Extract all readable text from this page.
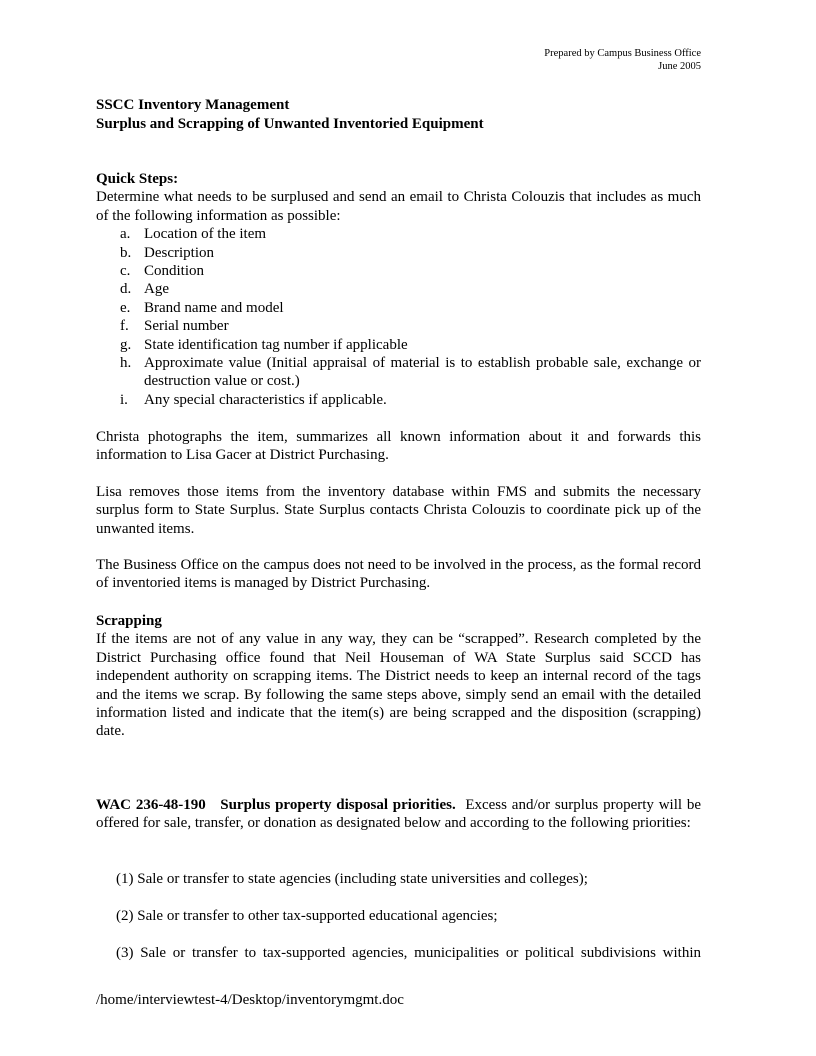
Prepared by Campus Business Office
June 2005
SSCC Inventory Management
Surplus and Scrapping of Unwanted Inventoried Equipment
Quick Steps:
Determine what needs to be surplused and send an email to Christa Colouzis that includes as much of the following information as possible:
a. Location of the item
b. Description
c. Condition
d. Age
e. Brand name and model
f. Serial number
g. State identification tag number if applicable
h. Approximate value (Initial appraisal of material is to establish probable sale, exchange or destruction value or cost.)
i. Any special characteristics if applicable.
Christa photographs the item, summarizes all known information about it and forwards this information to Lisa Gacer at District Purchasing.
Lisa removes those items from the inventory database within FMS and submits the necessary surplus form to State Surplus. State Surplus contacts Christa Colouzis to coordinate pick up of the unwanted items.
The Business Office on the campus does not need to be involved in the process, as the formal record of inventoried items is managed by District Purchasing.
Scrapping
If the items are not of any value in any way, they can be “scrapped”. Research completed by the District Purchasing office found that Neil Houseman of WA State Surplus said SCCD has independent authority on scrapping items. The District needs to keep an internal record of the tags and the items we scrap. By following the same steps above, simply send an email with the detailed information listed and indicate that the item(s) are being scrapped and the disposition (scrapping) date.
WAC 236-48-190 Surplus property disposal priorities. Excess and/or surplus property will be offered for sale, transfer, or donation as designated below and according to the following priorities:
(1) Sale or transfer to state agencies (including state universities and colleges);
(2) Sale or transfer to other tax-supported educational agencies;
(3) Sale or transfer to tax-supported agencies, municipalities or political subdivisions within
/home/interviewtest-4/Desktop/inventorymgmt.doc
